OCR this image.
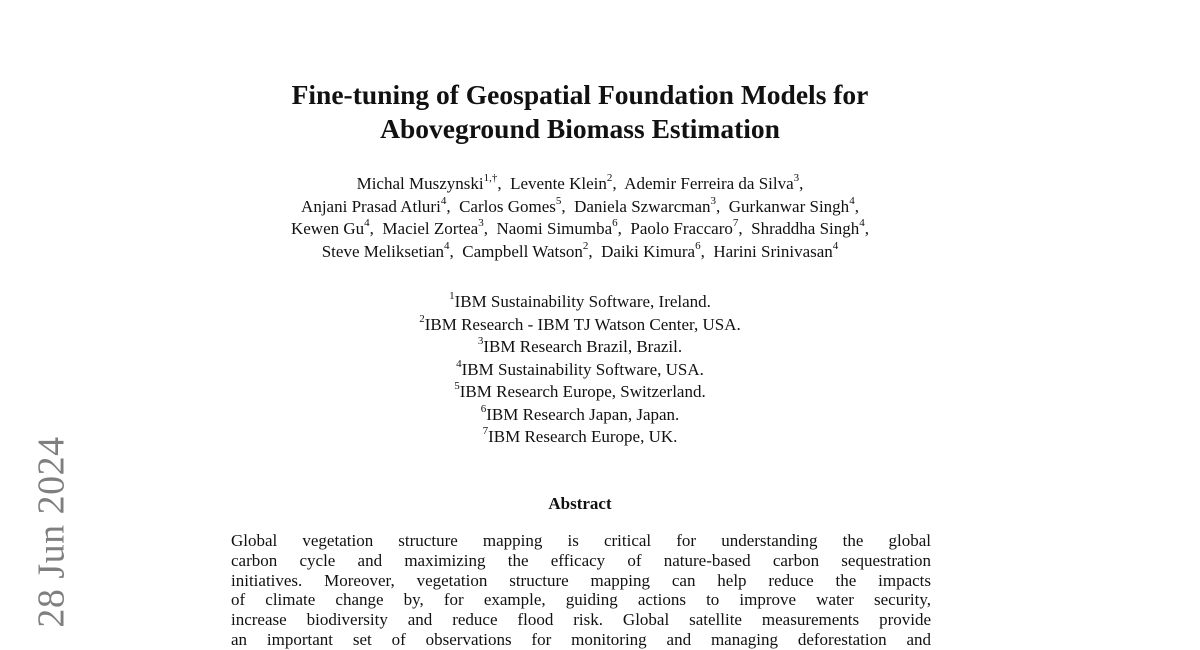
28 Jun 2024
Fine-tuning of Geospatial Foundation Models for
Aboveground Biomass Estimation
Michal Muszynski$^{1,\dagger}$,  Levente Klein$^2$,  Ademir Ferreira da Silva$^3$,
Anjani Prasad Atluri$^4$,  Carlos Gomes$^5$,  Daniela Szwarcman$^3$,  Gurkanwar Singh$^4$,
Kewen Gu$^4$,  Maciel Zortea$^3$,  Naomi Simumba$^6$,  Paolo Fraccaro$^7$,  Shraddha Singh$^4$,
Steve Meliksetian$^4$,  Campbell Watson$^2$,  Daiki Kimura$^6$,  Harini Srinivasan$^4$
$^1$IBM Sustainability Software, Ireland.
$^2$IBM Research - IBM TJ Watson Center, USA.
$^3$IBM Research Brazil, Brazil.
$^4$IBM Sustainability Software, USA.
$^5$IBM Research Europe, Switzerland.
$^6$IBM Research Japan, Japan.
$^7$IBM Research Europe, UK.
Abstract
Global vegetation structure mapping is critical for understanding the global
carbon cycle and maximizing the efficacy of nature-based carbon sequestration
initiatives. Moreover, vegetation structure mapping can help reduce the impacts
of climate change by, for example, guiding actions to improve water security,
increase biodiversity and reduce flood risk. Global satellite measurements provide
an important set of observations for monitoring and managing deforestation and
